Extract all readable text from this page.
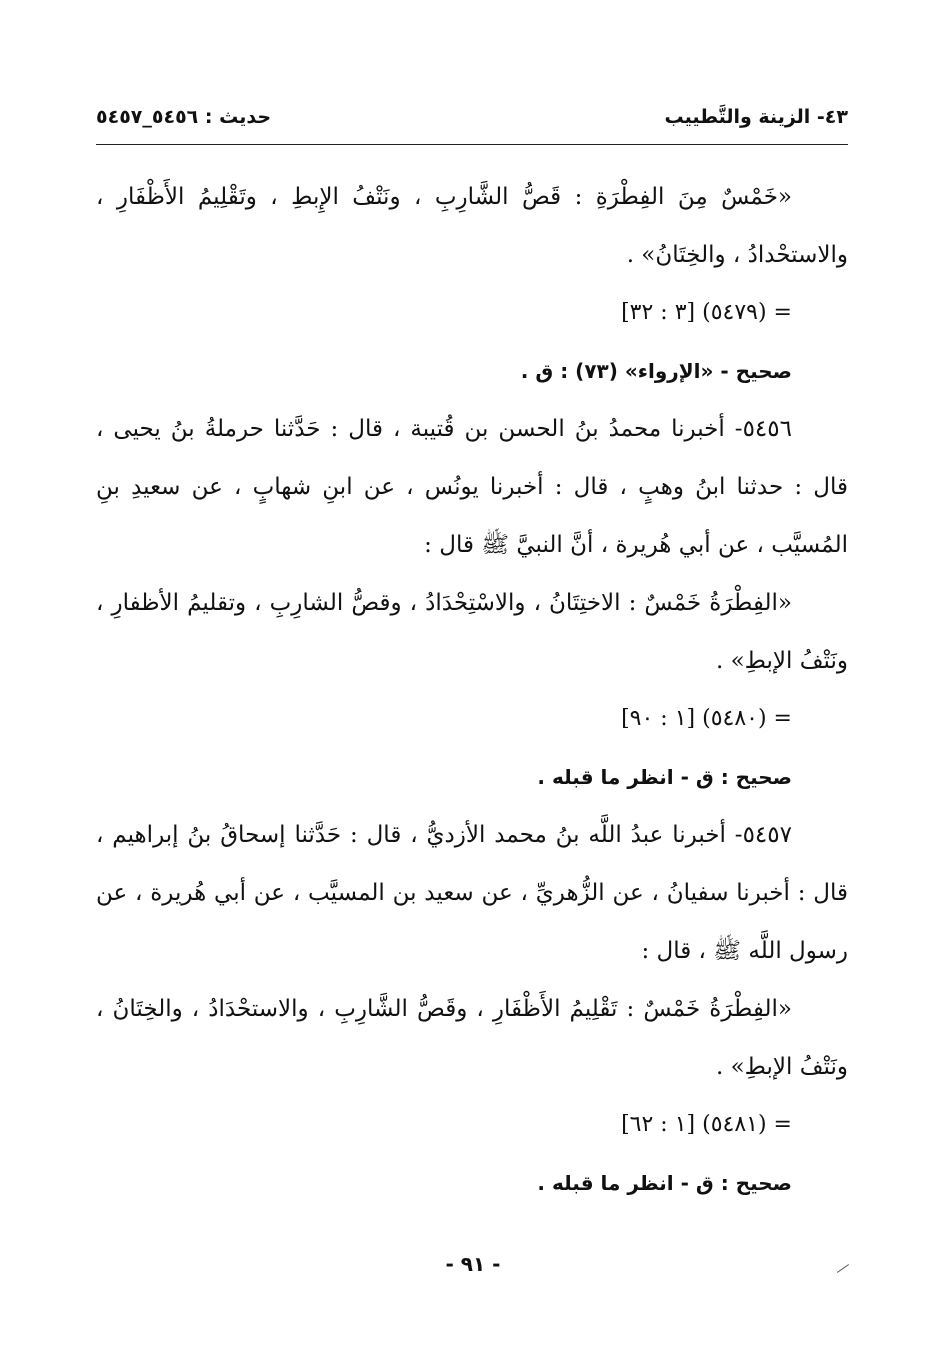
٤٣- الزينة والتَّطييب
حديث : ٥٤٥٦_٥٤٥٧

«خَمْسٌ مِنَ الفِطْرَةِ : قَصُّ الشَّارِبِ ، ونَتْفُ الإِبطِ ، وتَقْلِيمُ الأَظْفَارِ ، والاستحْدادُ ، والخِتَانُ» .

= (٥٤٧٩) [٣ : ٣٢]

صحيح - «الإرواء» (٧٣) : ق .

٥٤٥٦- أخبرنا محمدُ بنُ الحسن بن قُتيبة ، قال : حَدَّثنا حرملةُ بنُ يحيى ، قال : حدثنا ابنُ وهبٍ ، قال : أخبرنا يونُس ، عن ابنِ شهابٍ ، عن سعيدِ بنِ المُسيَّب ، عن أبي هُريرة ، أنَّ النبيَّ ﷺ قال :

«الفِطْرَةُ خَمْسٌ : الاختِتَانُ ، والاسْتِحْدَادُ ، وقصُّ الشارِبِ ، وتقليمُ الأظفارِ ، ونَتْفُ الإبطِ» .

= (٥٤٨٠) [١ : ٩٠]

صحيح : ق - انظر ما قبله .

٥٤٥٧- أخبرنا عبدُ اللَّه بنُ محمد الأزديُّ ، قال : حَدَّثنا إسحاقُ بنُ إبراهيم ، قال : أخبرنا سفيانُ ، عن الزُّهريِّ ، عن سعيد بن المسيَّب ، عن أبي هُريرة ، عن رسول اللَّه ﷺ ، قال :

«الفِطْرَةُ خَمْسٌ : تَقْلِيمُ الأَظْفَارِ ، وقَصُّ الشَّارِبِ ، والاستحْدَادُ ، والخِتَانُ ، ونَتْفُ الإبطِ» .

= (٥٤٨١) [١ : ٦٢]

صحيح : ق - انظر ما قبله .

- ٩١ -
